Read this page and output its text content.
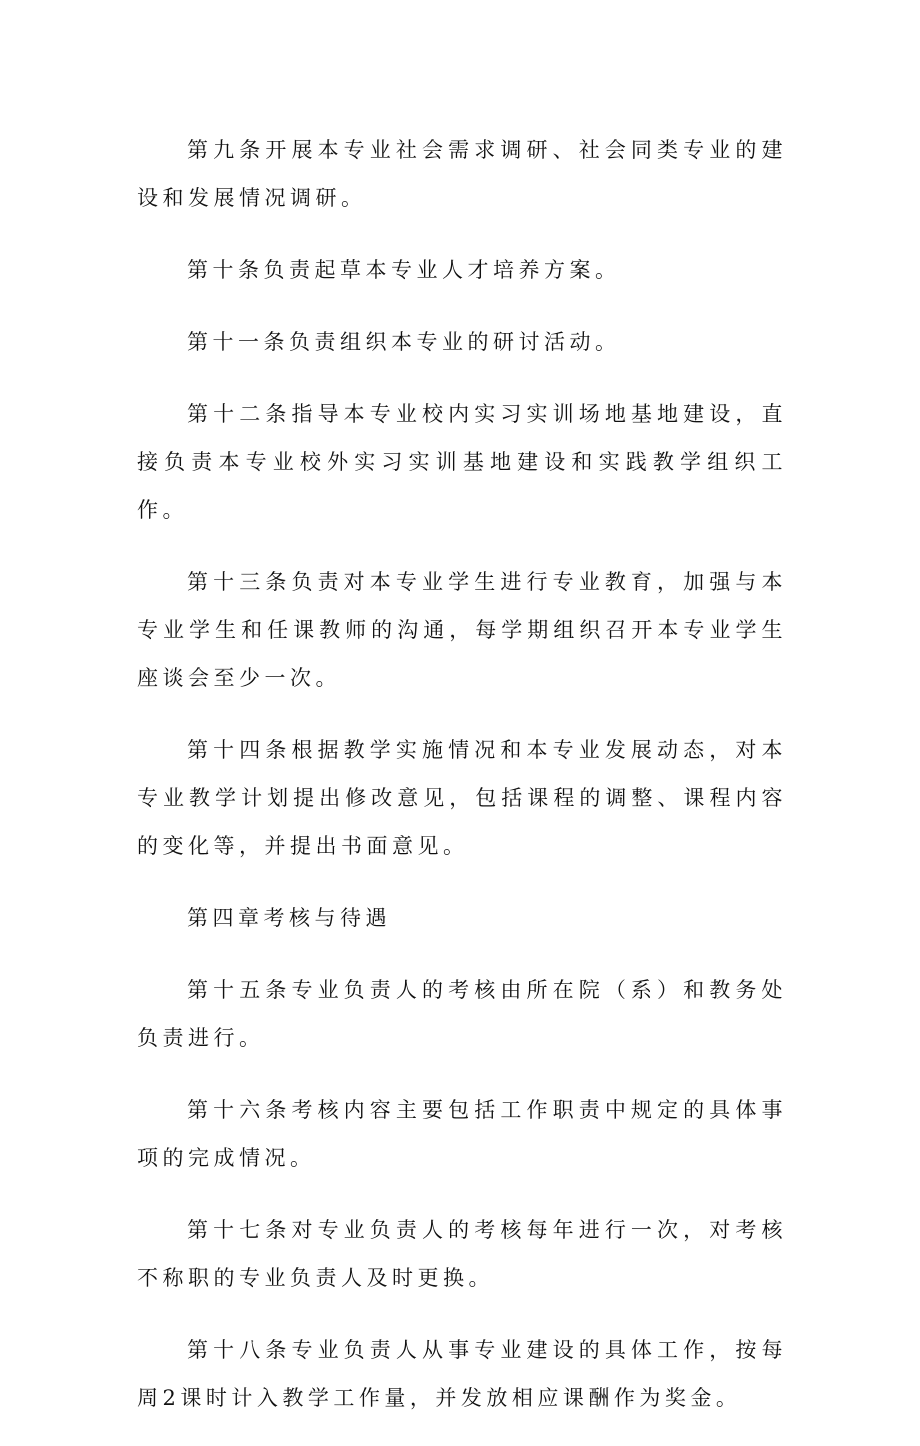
第九条开展本专业社会需求调研、社会同类专业的建设和发展情况调研。

第十条负责起草本专业人才培养方案。

第十一条负责组织本专业的研讨活动。

第十二条指导本专业校内实习实训场地基地建设，直接负责本专业校外实习实训基地建设和实践教学组织工作。

第十三条负责对本专业学生进行专业教育，加强与本专业学生和任课教师的沟通，每学期组织召开本专业学生座谈会至少一次。

第十四条根据教学实施情况和本专业发展动态，对本专业教学计划提出修改意见，包括课程的调整、课程内容的变化等，并提出书面意见。

第四章考核与待遇

第十五条专业负责人的考核由所在院（系）和教务处负责进行。

第十六条考核内容主要包括工作职责中规定的具体事项的完成情况。

第十七条对专业负责人的考核每年进行一次，对考核不称职的专业负责人及时更换。

第十八条专业负责人从事专业建设的具体工作，按每周2课时计入教学工作量，并发放相应课酬作为奖金。
